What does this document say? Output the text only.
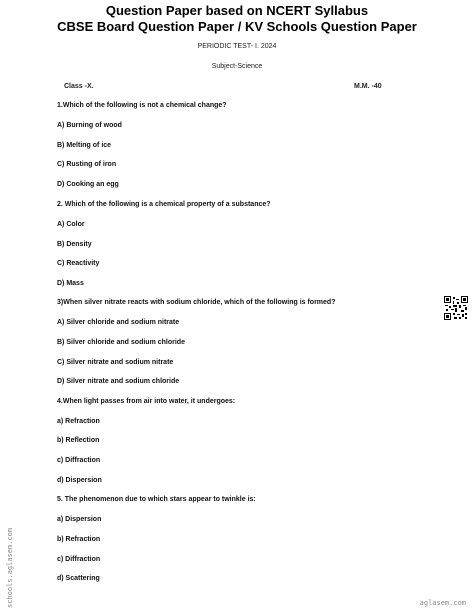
Question Paper based on NCERT Syllabus
CBSE Board Question Paper / KV Schools Question Paper
PERIODIC TEST- I. 2024
Subject-Science
Class -X.	M.M. -40
1.Which of the following is not a chemical change?
A) Burning of wood
B) Melting of ice
C) Rusting of iron
D) Cooking an egg
2. Which of the following is a chemical property of a substance?
A) Color
B) Density
C) Reactivity
D) Mass
3)When silver nitrate reacts with sodium chloride, which of the following is formed?
A) Silver chloride and sodium nitrate
B) Silver chloride and sodium chloride
C) Silver nitrate and sodium nitrate
D) Silver nitrate and sodium chloride
4.When light passes from air into water, it undergoes:
a) Refraction
b) Reflection
c) Diffraction
d) Dispersion
5. The phenomenon due to which stars appear to twinkle is:
a) Dispersion
b) Refraction
c) Diffraction
d) Scattering
schools.aglasem.com	aglasem.com
